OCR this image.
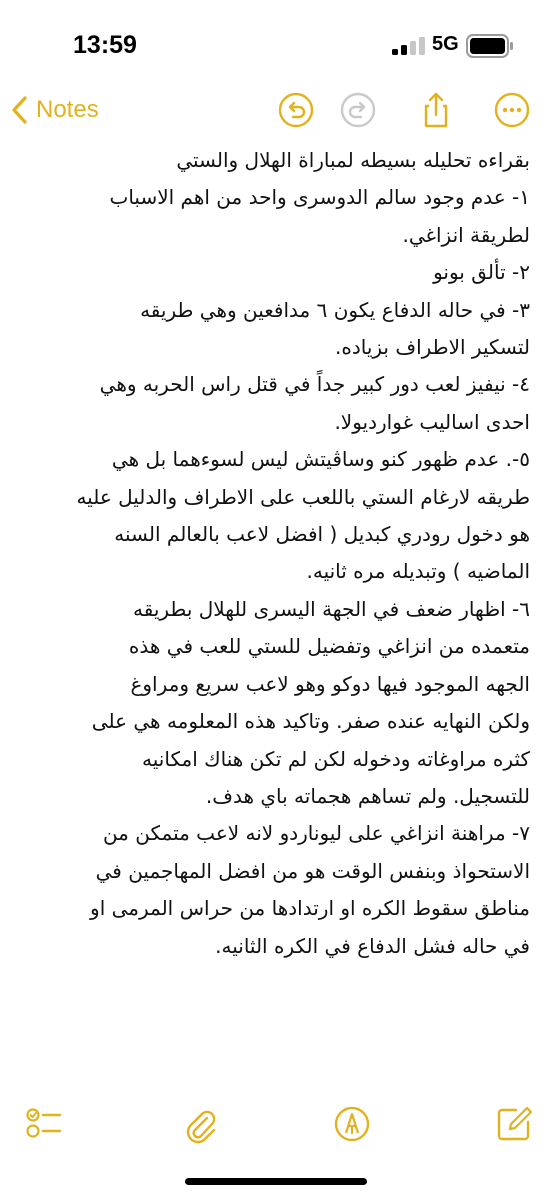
13:59	5G
Notes
بقراءه تحليله بسيطه لمباراة الهلال والستي
١- عدم وجود سالم الدوسرى واحد من اهم الاسباب
لطريقة انزاغي.
٢- تألق بونو
٣- في حاله الدفاع يكون ٦ مدافعين وهي طريقه
لتسكير الاطراف بزياده.
٤- نيفيز لعب دور كبير جداً في قتل راس الحربه وهي
احدى اساليب غوارديولا.
٥-. عدم ظهور كنو وساڤيتش ليس لسوءهما بل هي
طريقه لارغام الستي باللعب على الاطراف والدليل عليه
هو دخول رودري كبديل ( افضل لاعب بالعالم السنه
الماضيه ) وتبديله مره ثانيه.
٦- اظهار ضعف في الجهة اليسرى للهلال بطريقه
متعمده من انزاغي وتفضيل للستي للعب في هذه
الجهه الموجود فيها دوكو وهو لاعب سريع ومراوغ
ولكن النهايه عنده صفر. وتاكيد هذه المعلومه هي على
كثره مراوغاته ودخوله لكن لم تكن هناك امكانيه
للتسجيل. ولم تساهم هجماته باي هدف.
٧- مراهنة انزاغي على ليوناردو لانه لاعب متمكن من
الاستحواذ وبنفس الوقت هو من افضل المهاجمين في
مناطق سقوط الكره او ارتدادها من حراس المرمى او
في حاله فشل الدفاع في الكره الثانيه.
